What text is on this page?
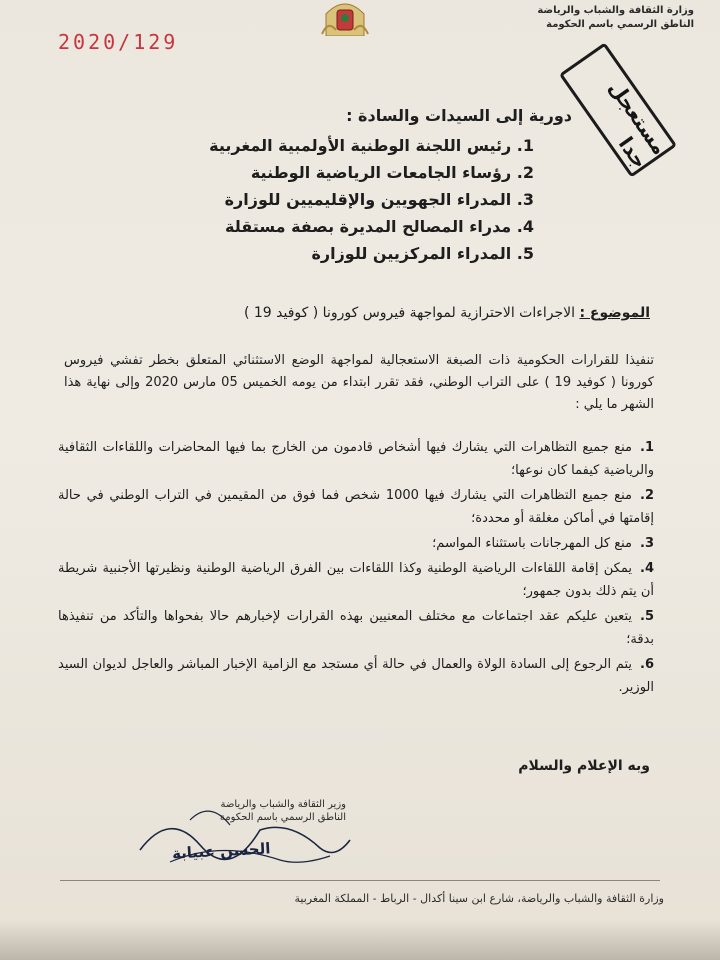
وزارة الثقافة والشباب والرياضة
الناطق الرسمي باسم الحكومة
2020/129
مستعجل جدا
دورية إلى السيدات والسادة :
1. رئيس اللجنة الوطنية الأولمبية المغربية
2. رؤساء الجامعات الرياضية الوطنية
3. المدراء الجهويين والإقليميين للوزارة
4. مدراء المصالح المديرة بصفة مستقلة
5. المدراء المركزيين للوزارة
الموضوع : الاجراءات الاحترازية لمواجهة فيروس كورونا ( كوفيد 19 )
تنفيذا للقرارات الحكومية ذات الصبغة الاستعجالية لمواجهة الوضع الاستثنائي المتعلق بخطر تفشي فيروس كورونا ( كوفيد 19 ) على التراب الوطني، فقد تقرر ابتداء من يومه الخميس 05 مارس 2020 وإلى نهاية هذا الشهر ما يلي :
1.منع جميع التظاهرات التي يشارك فيها أشخاص قادمون من الخارج بما فيها المحاضرات واللقاءات الثقافية والرياضية كيفما كان نوعها؛
2.منع جميع التظاهرات التي يشارك فيها 1000 شخص فما فوق من المقيمين في التراب الوطني في حالة إقامتها في أماكن مغلقة أو محددة؛
3.منع كل المهرجانات باستثناء المواسم؛
4.يمكن إقامة اللقاءات الرياضية الوطنية وكذا اللقاءات بين الفرق الرياضية الوطنية ونظيرتها الأجنبية شريطة أن يتم ذلك بدون جمهور؛
5.يتعين عليكم عقد اجتماعات مع مختلف المعنيين بهذه القرارات لإخبارهم حالا بفحواها والتأكد من تنفيذها بدقة؛
6.يتم الرجوع إلى السادة الولاة والعمال في حالة أي مستجد مع الزامية الإخبار المباشر والعاجل لديوان السيد الوزير.
وبه الإعلام والسلام
وزير الثقافة والشباب والرياضة
الناطق الرسمي باسم الحكومة
الحسن عبيابة
وزارة الثقافة والشباب والرياضة، شارع ابن سينا أكدال - الرباط - المملكة المغربية
